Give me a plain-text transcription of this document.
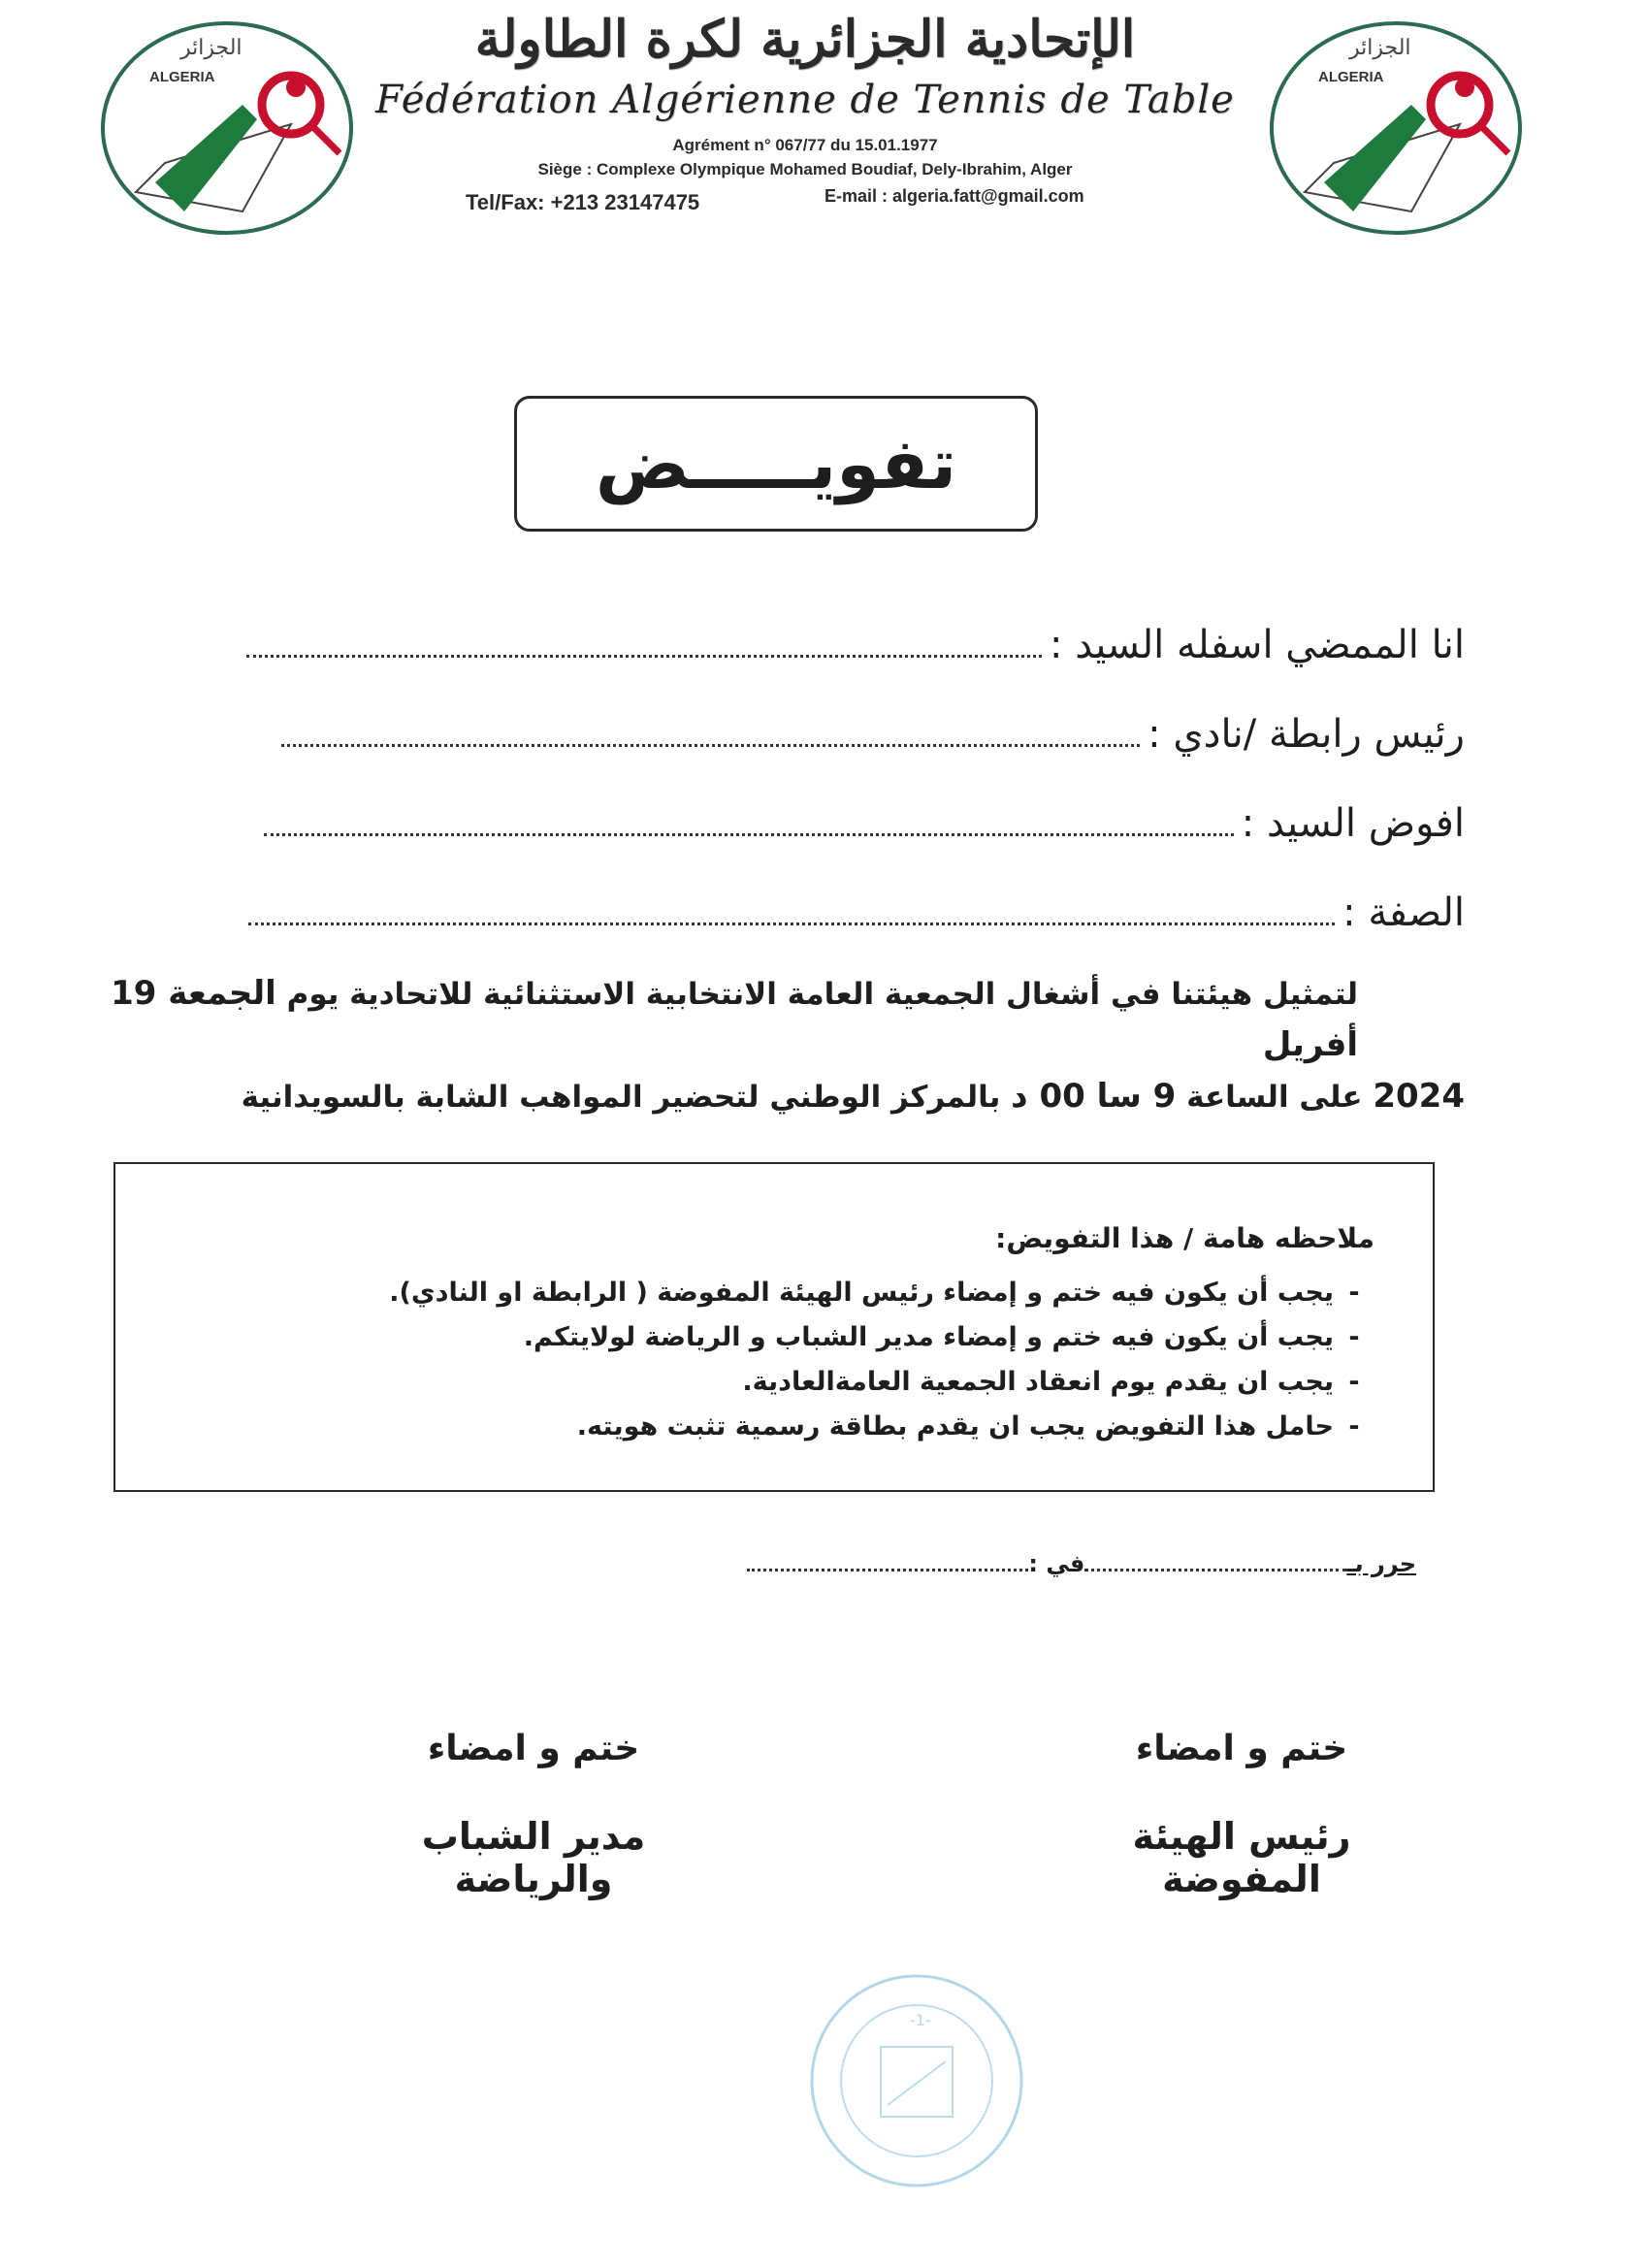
الجزائر
ALGERIA
الجزائر
ALGERIA
الإتحادية الجزائرية لكرة الطاولة
Fédération Algérienne de Tennis de Table
Agrément n° 067/77 du 15.01.1977
Siège : Complexe Olympique Mohamed Boudiaf, Dely-Ibrahim, Alger
Tel/Fax: +213 23147475	E-mail : algeria.fatt@gmail.com
تفويـــــض
انا الممضي اسفله السيد :
رئيس رابطة /نادي :
افوض السيد :
الصفة :
لتمثيل هيئتنا في أشغال الجمعية العامة الانتخابية الاستثنائية للاتحادية يوم الجمعة 19 أفريل
2024 على الساعة 9 سا 00 د بالمركز الوطني لتحضير المواهب الشابة بالسويدانية
ملاحظه هامة / هذا التفويض:
-يجب أن يكون فيه ختم و إمضاء رئيس الهيئة المفوضة ( الرابطة او النادي).
-يجب أن يكون فيه ختم و إمضاء مدير الشباب و الرياضة لولايتكم.
-يجب ان يقدم يوم انعقاد الجمعية العامةالعادية.
-حامل هذا التفويض يجب ان يقدم بطاقة رسمية تثبت هويته.
حرر بـ
في :
ختم و امضاء
رئيس الهيئة المفوضة
ختم و امضاء
مدير الشباب والرياضة
-1-
